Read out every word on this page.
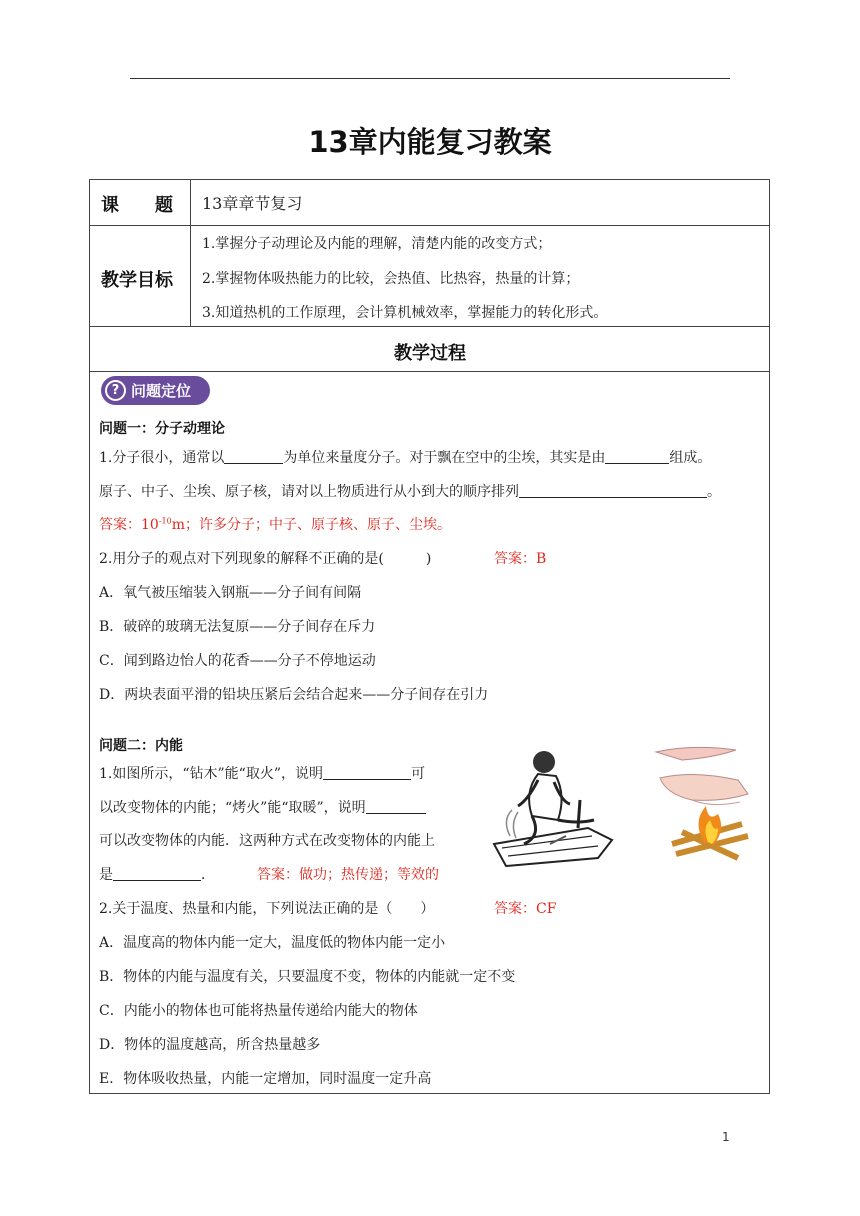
13章内能复习教案
课　　题 13章章节复习
教学目标
1.掌握分子动理论及内能的理解，清楚内能的改变方式；
2.掌握物体吸热能力的比较，会热值、比热容，热量的计算；
3.知道热机的工作原理，会计算机械效率，掌握能力的转化形式。
教学过程
? 问题定位
问题一：分子动理论
1.分子很小，通常以	为单位来量度分子。对于飘在空中的尘埃，其实是由	组成。
原子、中子、尘埃、原子核，请对以上物质进行从小到大的顺序排列	。
答案：$10^{-10}m$；许多分子；中子、原子核、原子、尘埃。
2.用分子的观点对下列现象的解释不正确的是(　　　)	答案：B
A．氧气被压缩装入钢瓶——分子间有间隔
B．破碎的玻璃无法复原——分子间存在斥力
C．闻到路边怡人的花香——分子不停地运动
D．两块表面平滑的铅块压紧后会结合起来——分子间存在引力
问题二：内能
1.如图所示，“钻木”能“取火”，说明	可
以改变物体的内能；“烤火”能“取暖”，说明
可以改变物体的内能．这两种方式在改变物体的内能上
是	．	答案：做功；热传递；等效的
2.关于温度、热量和内能，下列说法正确的是（　　）	答案：CF
A．温度高的物体内能一定大，温度低的物体内能一定小
B．物体的内能与温度有关，只要温度不变，物体的内能就一定不变
C．内能小的物体也可能将热量传递给内能大的物体
D．物体的温度越高，所含热量越多
E．物体吸收热量，内能一定增加，同时温度一定升高
1
